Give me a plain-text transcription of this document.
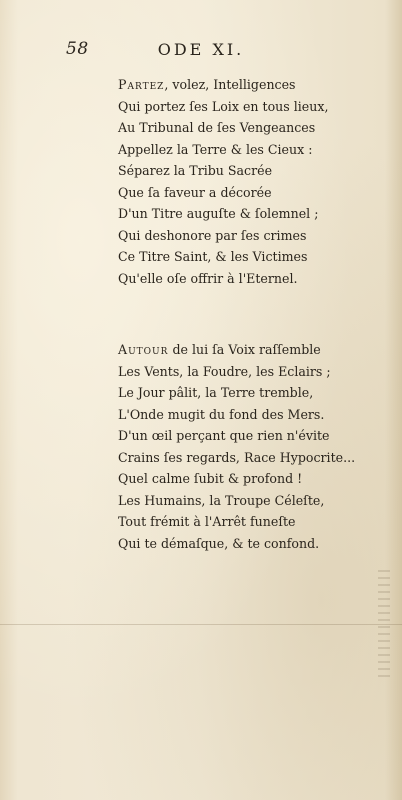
58	ODE XI.
Partez, volez, Intelligences
Qui portez ſes Loix en tous lieux,
Au Tribunal de ſes Vengeances
Appellez la Terre & les Cieux :
Séparez la Tribu Sacrée
Que ſa faveur a décorée
D'un Titre auguſte & ſolemnel ;
Qui deshonore par ſes crimes
Ce Titre Saint, & les Victimes
Qu'elle oſe offrir à l'Eternel.
Autour de lui ſa Voix raſſemble
Les Vents, la Foudre, les Eclairs ;
Le Jour pâlit, la Terre tremble,
L'Onde mugit du fond des Mers.
D'un œil perçant que rien n'évite
Crains ſes regards, Race Hypocrite...
Quel calme ſubit & profond !
Les Humains, la Troupe Céleſte,
Tout frémit à l'Arrêt funeſte
Qui te démaſque, & te confond.
